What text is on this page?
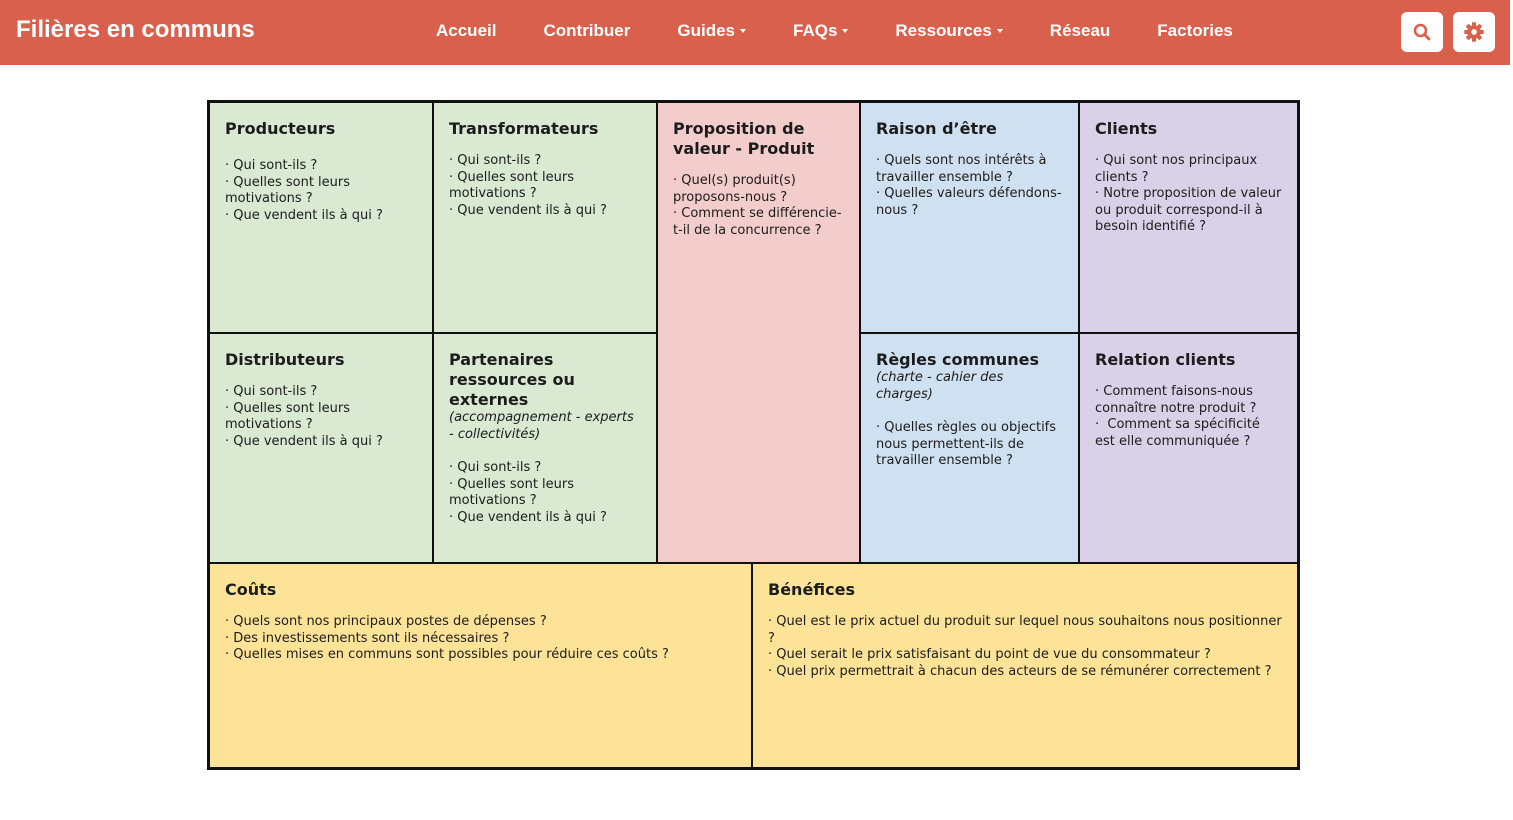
Filières en communs	Accueil	Contribuer	Guides	FAQs	Ressources	Réseau	Factories
Producteurs
· Qui sont-ils ?
· Quelles sont leurs motivations ?
· Que vendent ils à qui ?
Transformateurs
· Qui sont-ils ?
· Quelles sont leurs motivations ?
· Que vendent ils à qui ?
Proposition de valeur - Produit
· Quel(s) produit(s) proposons-nous ?
· Comment se différencie-t-il de la concurrence ?
Raison d’être
· Quels sont nos intérêts à travailler ensemble ?
· Quelles valeurs défendons-nous ?
Clients
· Qui sont nos principaux clients ?
· Notre proposition de valeur ou produit correspond-il à besoin identifié ?
Distributeurs
· Qui sont-ils ?
· Quelles sont leurs motivations ?
· Que vendent ils à qui ?
Partenaires ressources ou externes
(accompagnement - experts - collectivités)
· Qui sont-ils ?
· Quelles sont leurs motivations ?
· Que vendent ils à qui ?
Règles communes
(charte - cahier des charges)
· Quelles règles ou objectifs nous permettent-ils de travailler ensemble ?
Relation clients
· Comment faisons-nous connaître notre produit ?
·  Comment sa spécificité est elle communiquée ?
Coûts
· Quels sont nos principaux postes de dépenses ?
· Des investissements sont ils nécessaires ?
· Quelles mises en communs sont possibles pour réduire ces coûts ?
Bénéfices
· Quel est le prix actuel du produit sur lequel nous souhaitons nous positionner ?
· Quel serait le prix satisfaisant du point de vue du consommateur ?
· Quel prix permettrait à chacun des acteurs de se rémunérer correctement ?
